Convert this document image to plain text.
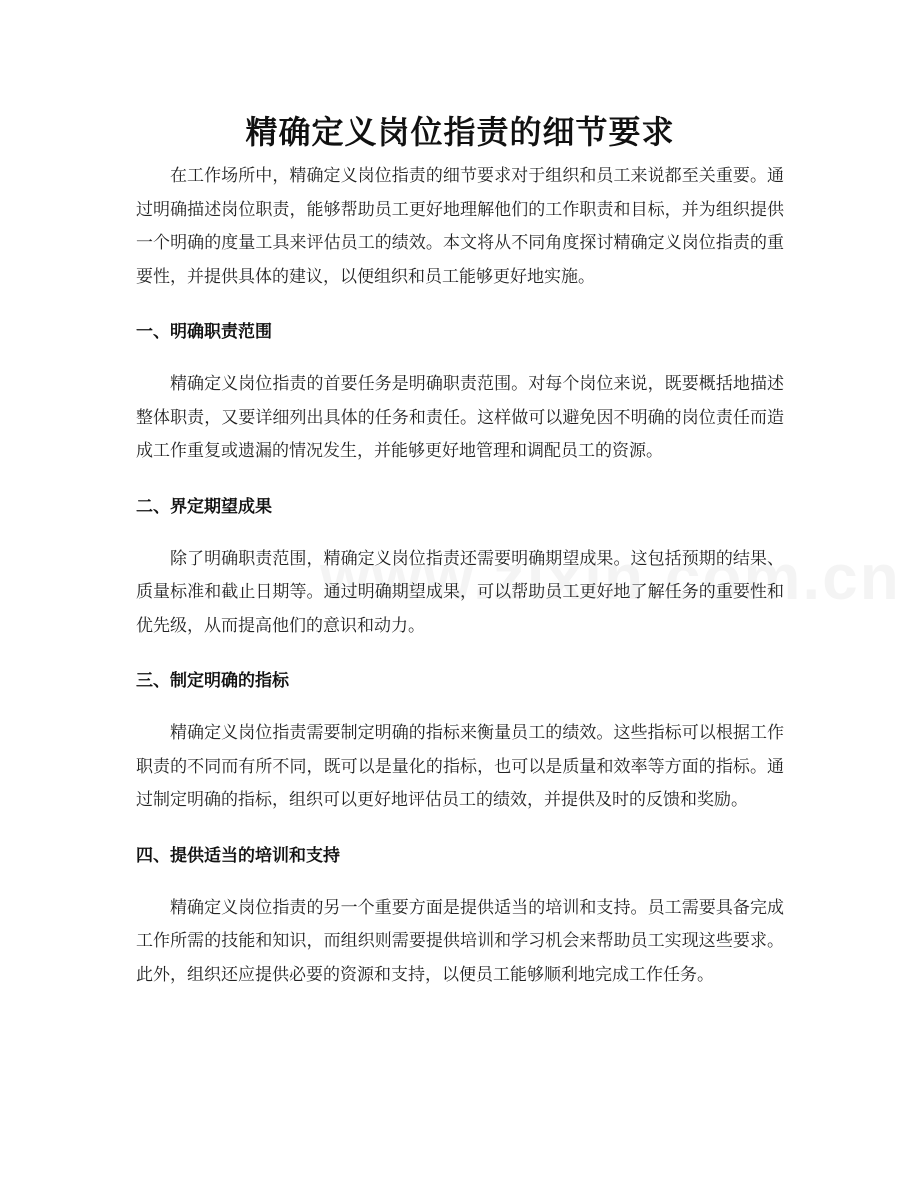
精确定义岗位指责的细节要求

在工作场所中，精确定义岗位指责的细节要求对于组织和员工来说都至关重要。通过明确描述岗位职责，能够帮助员工更好地理解他们的工作职责和目标，并为组织提供一个明确的度量工具来评估员工的绩效。本文将从不同角度探讨精确定义岗位指责的重要性，并提供具体的建议，以便组织和员工能够更好地实施。

一、明确职责范围

精确定义岗位指责的首要任务是明确职责范围。对每个岗位来说，既要概括地描述整体职责，又要详细列出具体的任务和责任。这样做可以避免因不明确的岗位责任而造成工作重复或遗漏的情况发生，并能够更好地管理和调配员工的资源。

二、界定期望成果

除了明确职责范围，精确定义岗位指责还需要明确期望成果。这包括预期的结果、质量标准和截止日期等。通过明确期望成果，可以帮助员工更好地了解任务的重要性和优先级，从而提高他们的意识和动力。

三、制定明确的指标

精确定义岗位指责需要制定明确的指标来衡量员工的绩效。这些指标可以根据工作职责的不同而有所不同，既可以是量化的指标，也可以是质量和效率等方面的指标。通过制定明确的指标，组织可以更好地评估员工的绩效，并提供及时的反馈和奖励。

四、提供适当的培训和支持

精确定义岗位指责的另一个重要方面是提供适当的培训和支持。员工需要具备完成工作所需的技能和知识，而组织则需要提供培训和学习机会来帮助员工实现这些要求。此外，组织还应提供必要的资源和支持，以便员工能够顺利地完成工作任务。
